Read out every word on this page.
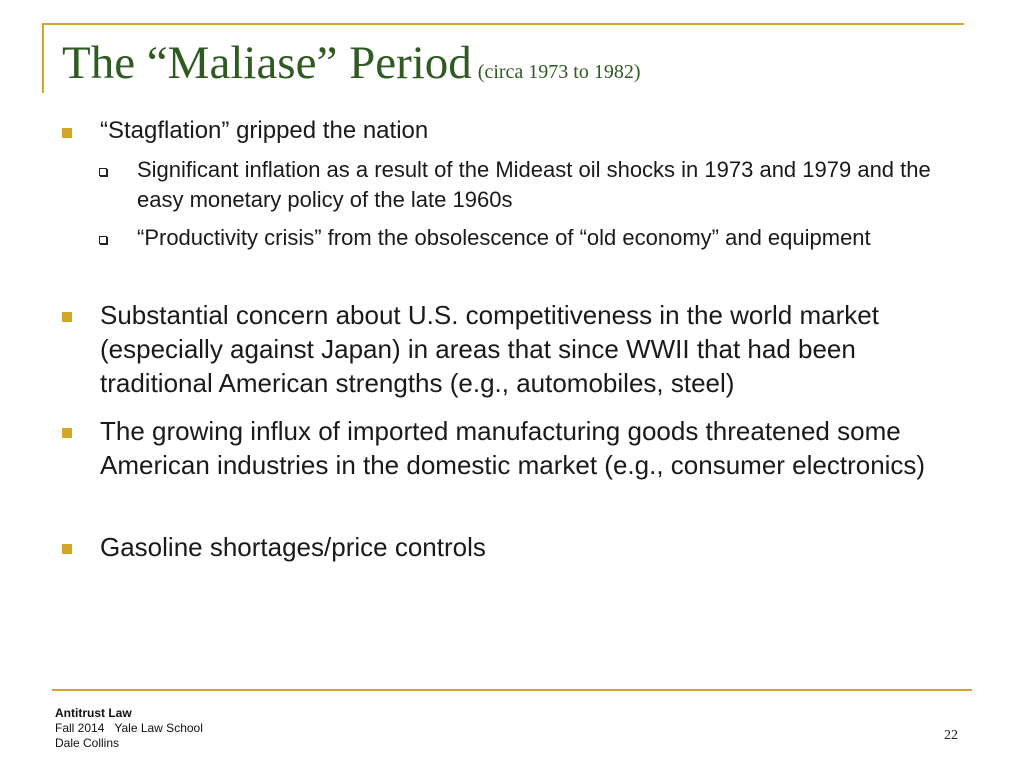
The “Maliase” Period (circa 1973 to 1982)
“Stagflation” gripped the nation
Significant inflation as a result of the Mideast oil shocks in 1973 and 1979 and the easy monetary policy of the late 1960s
“Productivity crisis” from the obsolescence of “old economy” and equipment
Substantial concern about U.S. competitiveness in the world market (especially against Japan) in areas that since WWII that had been traditional American strengths (e.g., automobiles, steel)
The growing influx of imported manufacturing goods threatened some American industries in the domestic market (e.g., consumer electronics)
Gasoline shortages/price controls
Antitrust Law
Fall 2014 Yale Law School
Dale Collins	22
